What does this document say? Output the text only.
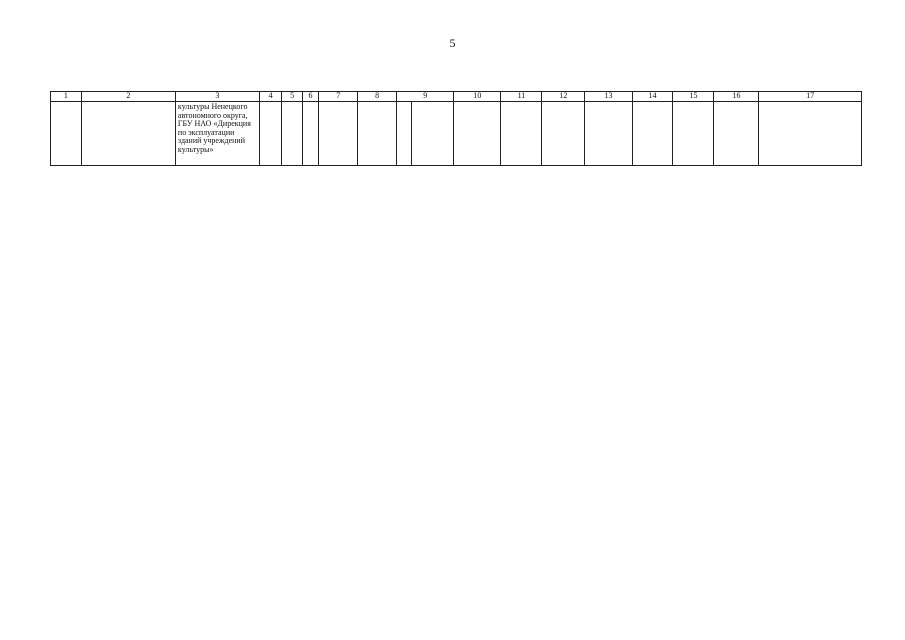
5
1	2	3	4	5	6	7	8	9	10	11	12	13	14	15	16	17
		культуры Ненецкого автономного округа, ГБУ НАО «Дирекция по эксплуатации зданий учреждений культуры»						
